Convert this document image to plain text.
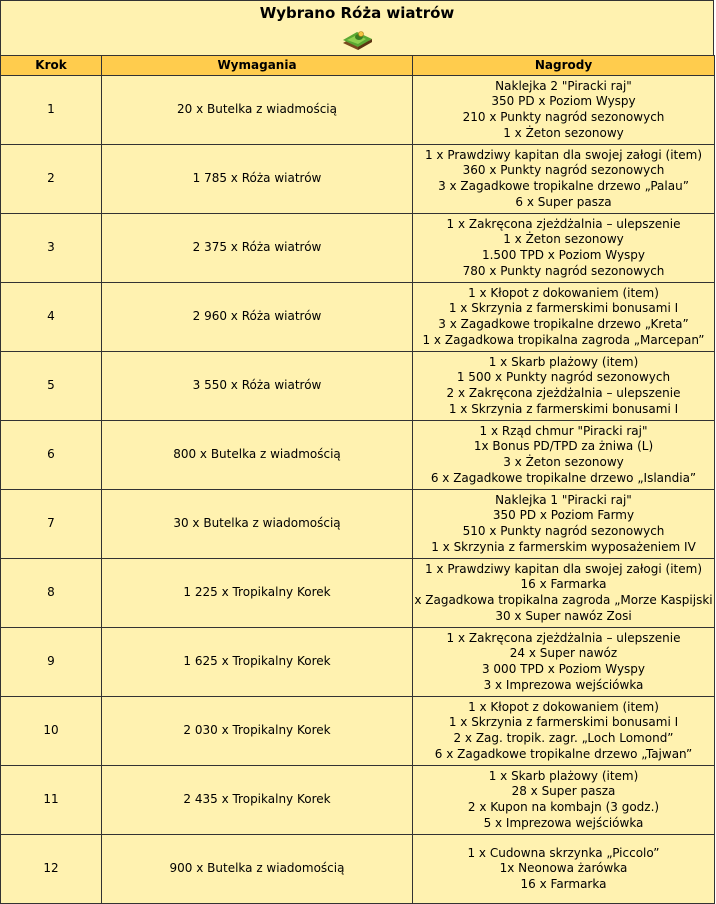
Wybrano Róża wiatrów
Krok	Wymagania	Nagrody
1	20 x Butelka z wiadmością	Naklejka 2 "Piracki raj"
350 PD x Poziom Wyspy
210 x Punkty nagród sezonowych
1 x Żeton sezonowy

2	1 785 x Róża wiatrów	1 x Prawdziwy kapitan dla swojej załogi (item)
360 x Punkty nagród sezonowych
3 x Zagadkowe tropikalne drzewo „Palau”
6 x Super pasza

3	2 375 x Róża wiatrów	1 x Zakręcona zjeżdżalnia – ulepszenie
1 x Żeton sezonowy
1.500 TPD x Poziom Wyspy
780 x Punkty nagród sezonowych

4	2 960 x Róża wiatrów	1 x Kłopot z dokowaniem (item)
1 x Skrzynia z farmerskimi bonusami I
3 x Zagadkowe tropikalne drzewo „Kreta”
1 x Zagadkowa tropikalna zagroda „Marcepan”

5	3 550 x Róża wiatrów	1 x Skarb plażowy (item)
1 500 x Punkty nagród sezonowych
2 x Zakręcona zjeżdżalnia – ulepszenie
1 x Skrzynia z farmerskimi bonusami I

6	800 x Butelka z wiadmością	1 x Rząd chmur "Piracki raj"
1x Bonus PD/TPD za żniwa (L)
3 x Żeton sezonowy
6 x Zagadkowe tropikalne drzewo „Islandia”

7	30 x Butelka z wiadomością	Naklejka 1 "Piracki raj"
350 PD x Poziom Farmy
510 x Punkty nagród sezonowych
1 x Skrzynia z farmerskim wyposażeniem IV

8	1 225 x Tropikalny Korek	1 x Prawdziwy kapitan dla swojej załogi (item)
16 x Farmarka
x Zagadkowa tropikalna zagroda „Morze Kaspijski
30 x Super nawóz Zosi

9	1 625 x Tropikalny Korek	1 x Zakręcona zjeżdżalnia – ulepszenie
24 x Super nawóz
3 000 TPD x Poziom Wyspy
3 x Imprezowa wejściówka

10	2 030 x Tropikalny Korek	1 x Kłopot z dokowaniem (item)
1 x Skrzynia z farmerskimi bonusami I
2 x Zag. tropik. zagr. „Loch Lomond”
6 x Zagadkowe tropikalne drzewo „Tajwan”

11	2 435 x Tropikalny Korek	1 x Skarb plażowy (item)
28 x Super pasza
2 x Kupon na kombajn (3 godz.)
5 x Imprezowa wejściówka

12	900 x Butelka z wiadomością	1 x Cudowna skrzynka „Piccolo”
1x Neonowa żarówka
16 x Farmarka
